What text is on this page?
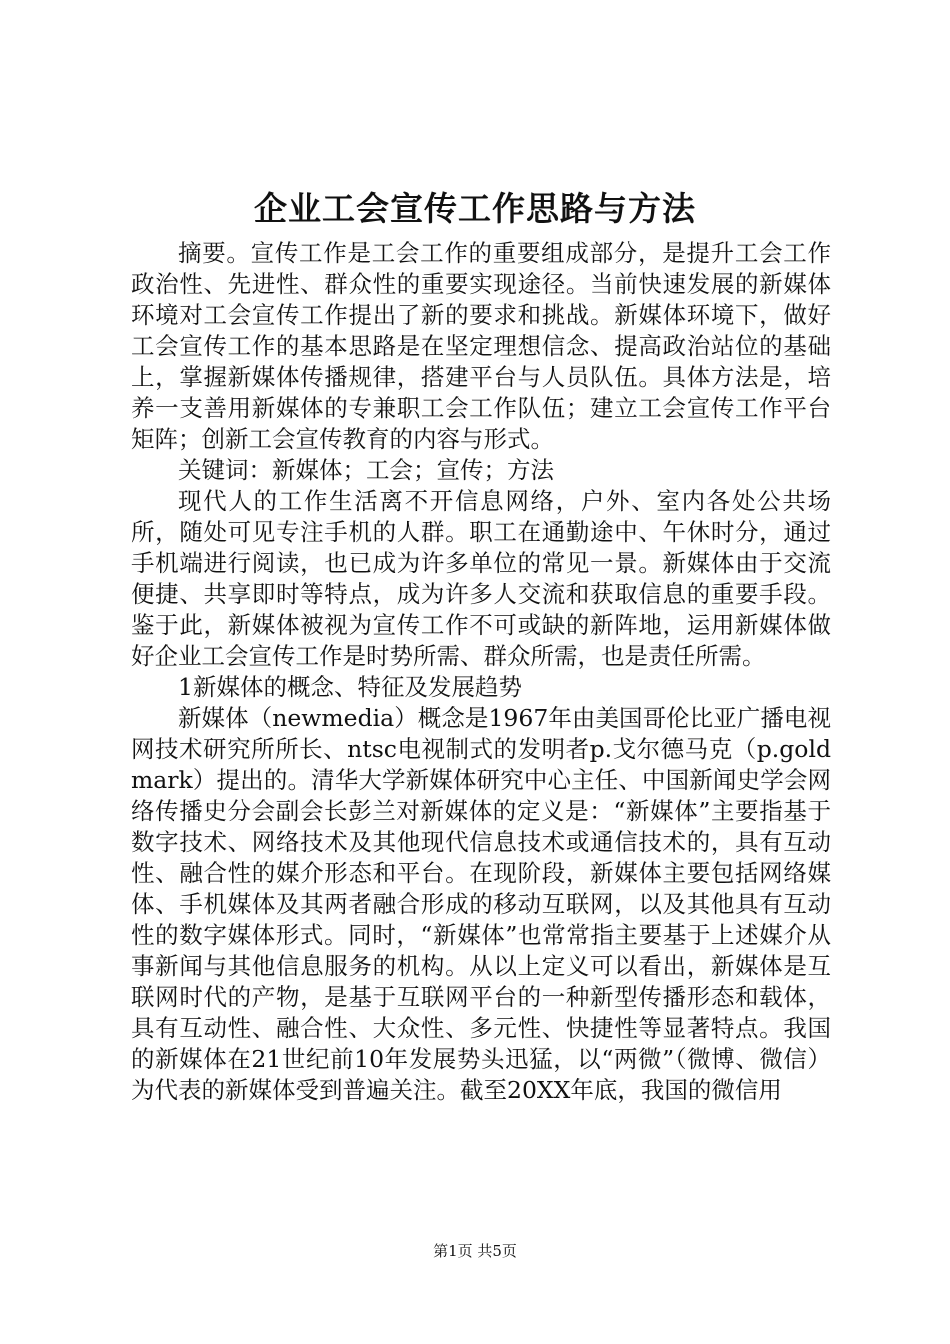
企业工会宣传工作思路与方法

摘要。宣传工作是工会工作的重要组成部分，是提升工会工作政治性、先进性、群众性的重要实现途径。当前快速发展的新媒体环境对工会宣传工作提出了新的要求和挑战。新媒体环境下，做好工会宣传工作的基本思路是在坚定理想信念、提高政治站位的基础上，掌握新媒体传播规律，搭建平台与人员队伍。具体方法是，培养一支善用新媒体的专兼职工会工作队伍；建立工会宣传工作平台矩阵；创新工会宣传教育的内容与形式。

关键词：新媒体；工会；宣传；方法

现代人的工作生活离不开信息网络，户外、室内各处公共场所，随处可见专注手机的人群。职工在通勤途中、午休时分，通过手机端进行阅读，也已成为许多单位的常见一景。新媒体由于交流便捷、共享即时等特点，成为许多人交流和获取信息的重要手段。鉴于此，新媒体被视为宣传工作不可或缺的新阵地，运用新媒体做好企业工会宣传工作是时势所需、群众所需，也是责任所需。

1新媒体的概念、特征及发展趋势

新媒体（newmedia）概念是1967年由美国哥伦比亚广播电视网技术研究所所长、ntsc电视制式的发明者p.戈尔德马克（p.goldmark）提出的。清华大学新媒体研究中心主任、中国新闻史学会网络传播史分会副会长彭兰对新媒体的定义是：“新媒体”主要指基于数字技术、网络技术及其他现代信息技术或通信技术的，具有互动性、融合性的媒介形态和平台。在现阶段，新媒体主要包括网络媒体、手机媒体及其两者融合形成的移动互联网，以及其他具有互动性的数字媒体形式。同时，“新媒体”也常常指主要基于上述媒介从事新闻与其他信息服务的机构。从以上定义可以看出，新媒体是互联网时代的产物，是基于互联网平台的一种新型传播形态和载体，具有互动性、融合性、大众性、多元性、快捷性等显著特点。我国的新媒体在21世纪前10年发展势头迅猛，以“两微”（微博、微信）为代表的新媒体受到普遍关注。截至20XX年底，我国的微信用

第1页 共5页
